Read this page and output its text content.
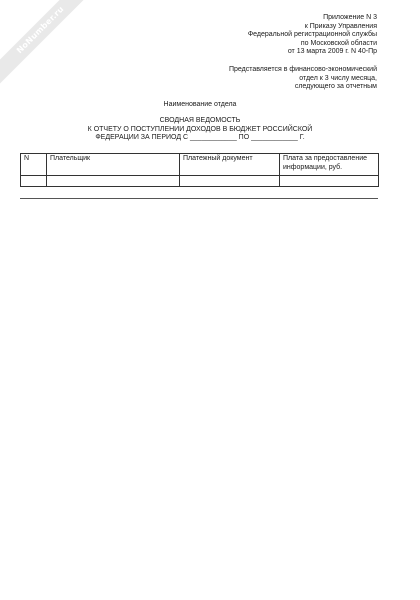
NoNumber.ru	Приложение N 3
к Приказу Управления
Федеральной регистрационной службы
по Московской области
от 13 марта 2009 г. N 40-Пр
Представляется в финансово-экономический
отдел к 3 числу месяца,
следующего за отчетным
Наименование отдела
СВОДНАЯ ВЕДОМОСТЬ
К ОТЧЕТУ О ПОСТУПЛЕНИИ ДОХОДОВ В БЮДЖЕТ РОССИЙСКОЙ
ФЕДЕРАЦИИ ЗА ПЕРИОД С ____________ ПО ____________ Г.
N	Плательщик	Платежный документ	Плата за предоставление информации, руб.
